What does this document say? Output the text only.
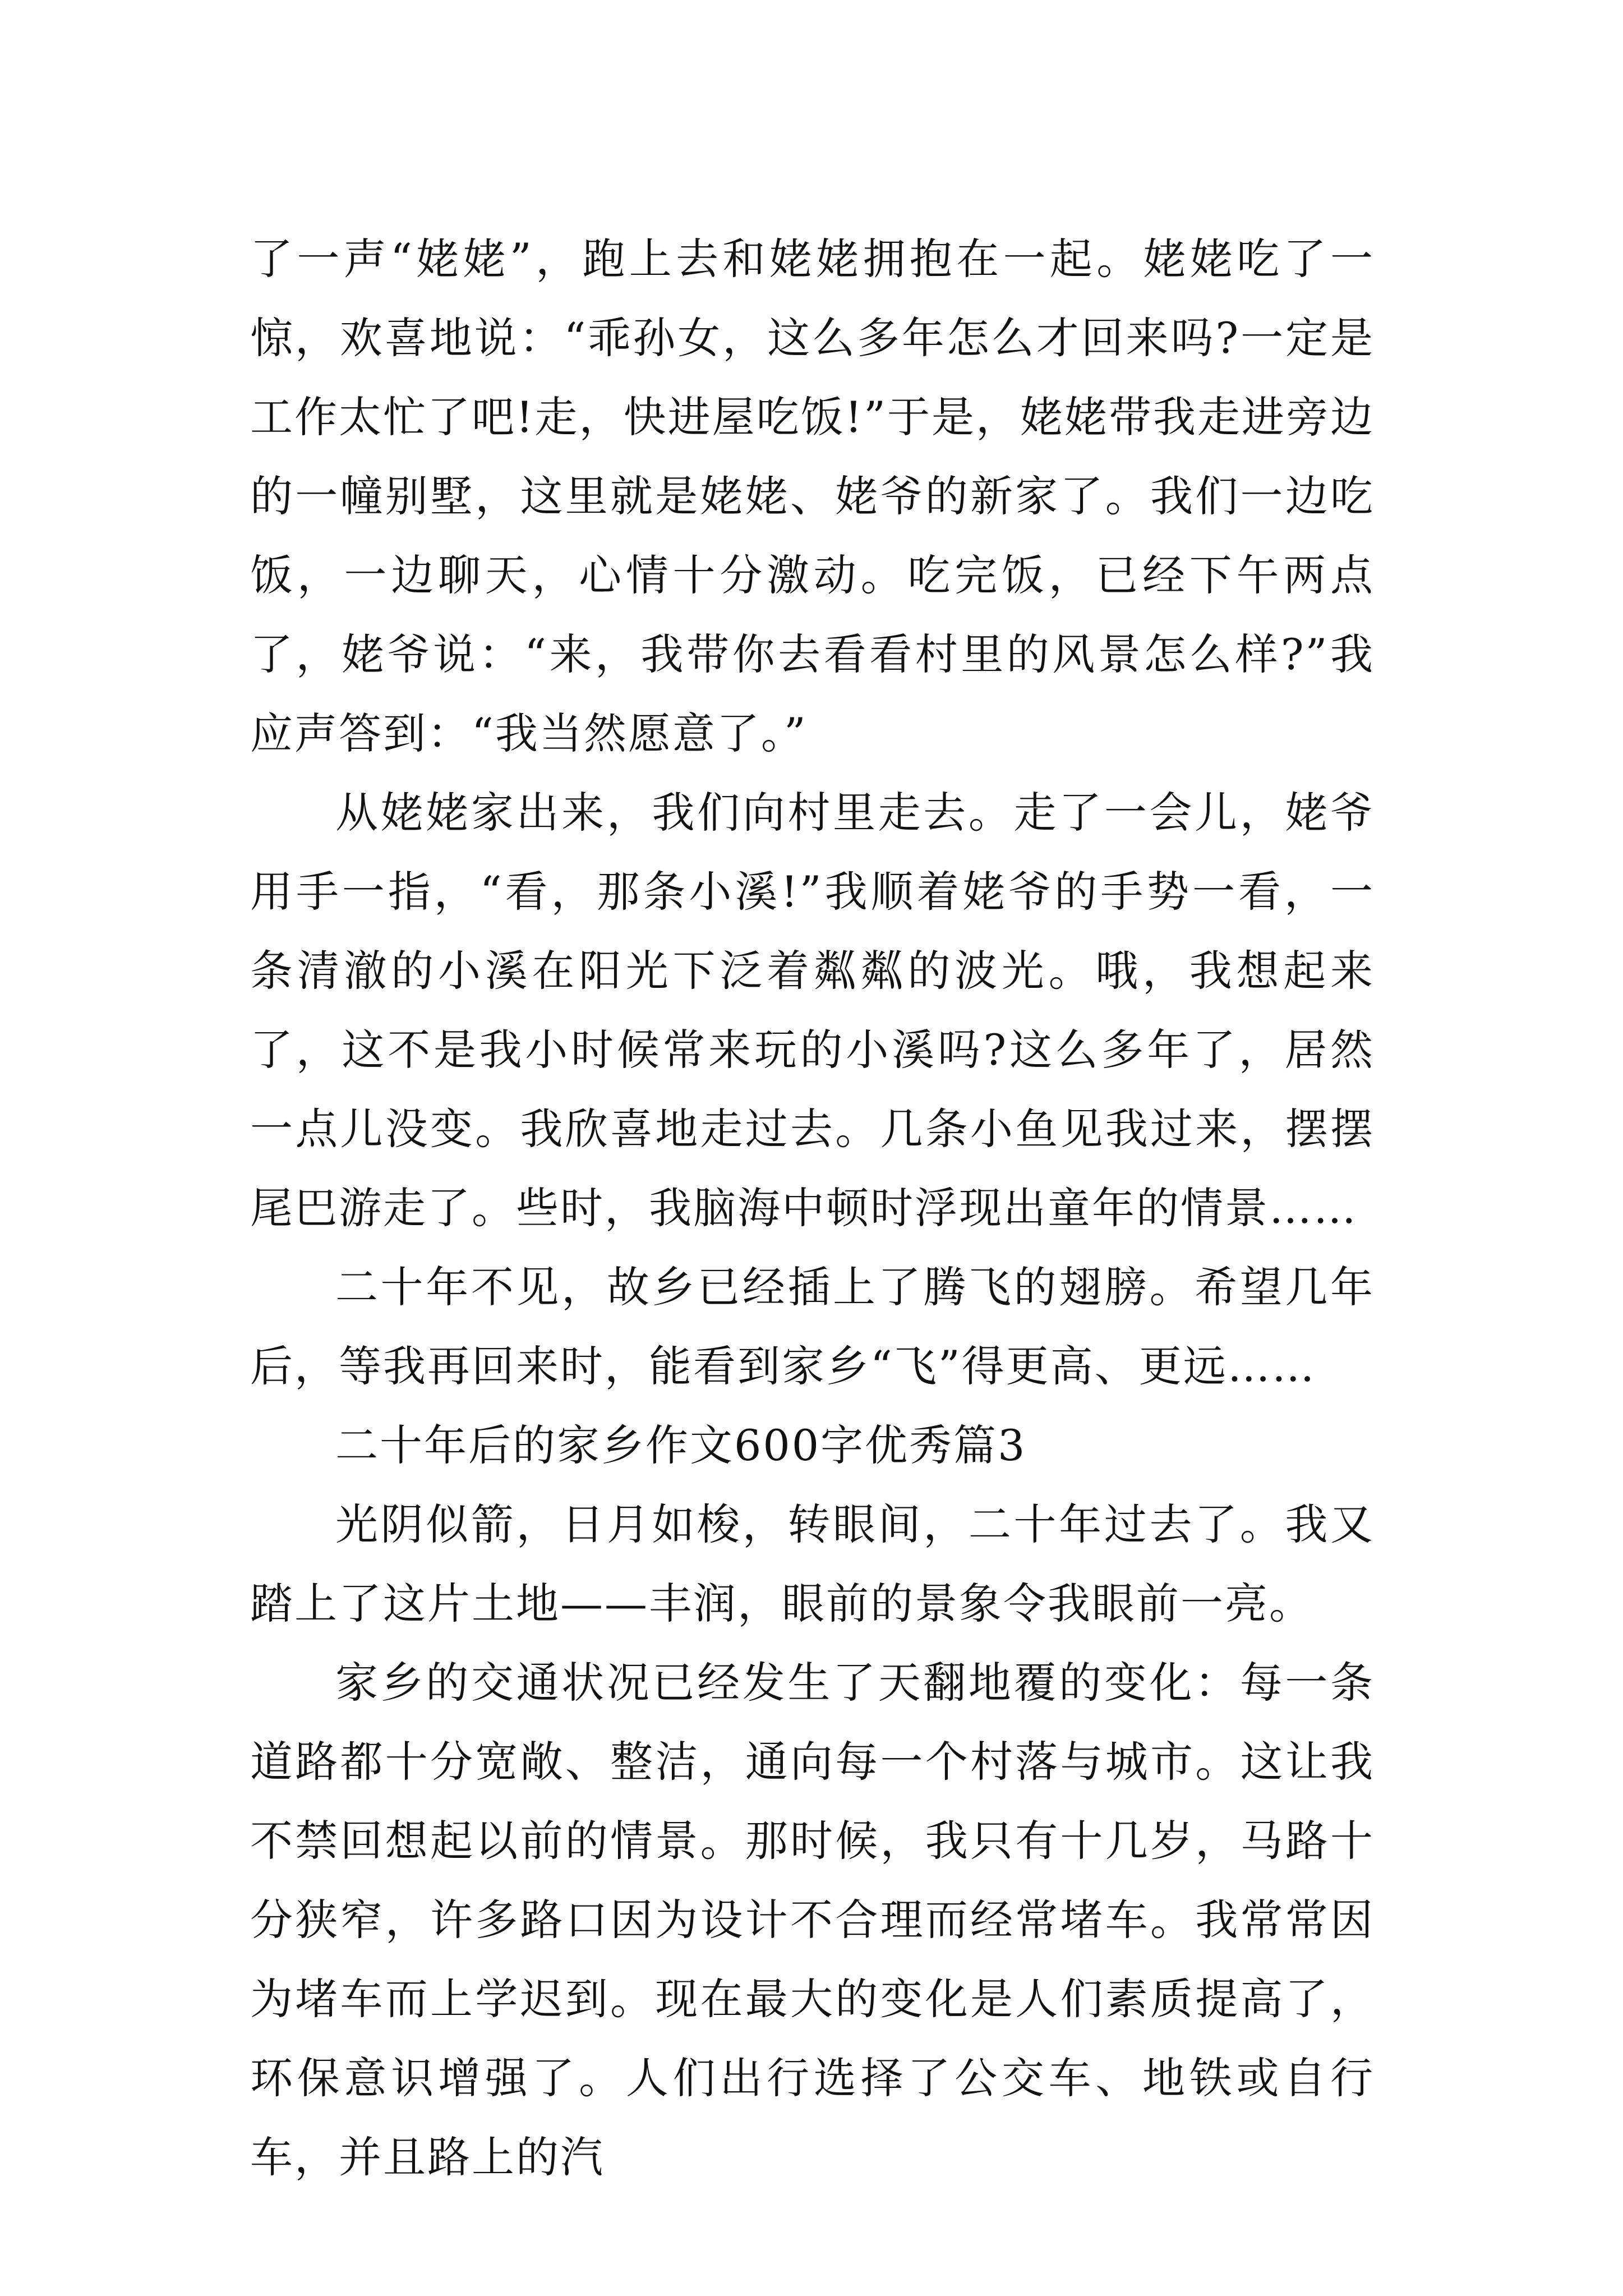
了一声“姥姥”，跑上去和姥姥拥抱在一起。姥姥吃了一惊，欢喜地说：“乖孙女，这么多年怎么才回来吗?一定是工作太忙了吧!走，快进屋吃饭!”于是，姥姥带我走进旁边的一幢别墅，这里就是姥姥、姥爷的新家了。我们一边吃饭，一边聊天，心情十分激动。吃完饭，已经下午两点了，姥爷说：“来，我带你去看看村里的风景怎么样?”我应声答到：“我当然愿意了。”

从姥姥家出来，我们向村里走去。走了一会儿，姥爷用手一指，“看，那条小溪!”我顺着姥爷的手势一看，一条清澈的小溪在阳光下泛着粼粼的波光。哦，我想起来了，这不是我小时候常来玩的小溪吗?这么多年了，居然一点儿没变。我欣喜地走过去。几条小鱼见我过来，摆摆尾巴游走了。些时，我脑海中顿时浮现出童年的情景……

二十年不见，故乡已经插上了腾飞的翅膀。希望几年后，等我再回来时，能看到家乡“飞”得更高、更远……

二十年后的家乡作文600字优秀篇3

光阴似箭，日月如梭，转眼间，二十年过去了。我又踏上了这片土地——丰润，眼前的景象令我眼前一亮。

家乡的交通状况已经发生了天翻地覆的变化：每一条道路都十分宽敞、整洁，通向每一个村落与城市。这让我不禁回想起以前的情景。那时候，我只有十几岁，马路十分狭窄，许多路口因为设计不合理而经常堵车。我常常因为堵车而上学迟到。现在最大的变化是人们素质提高了，环保意识增强了。人们出行选择了公交车、地铁或自行车，并且路上的汽
